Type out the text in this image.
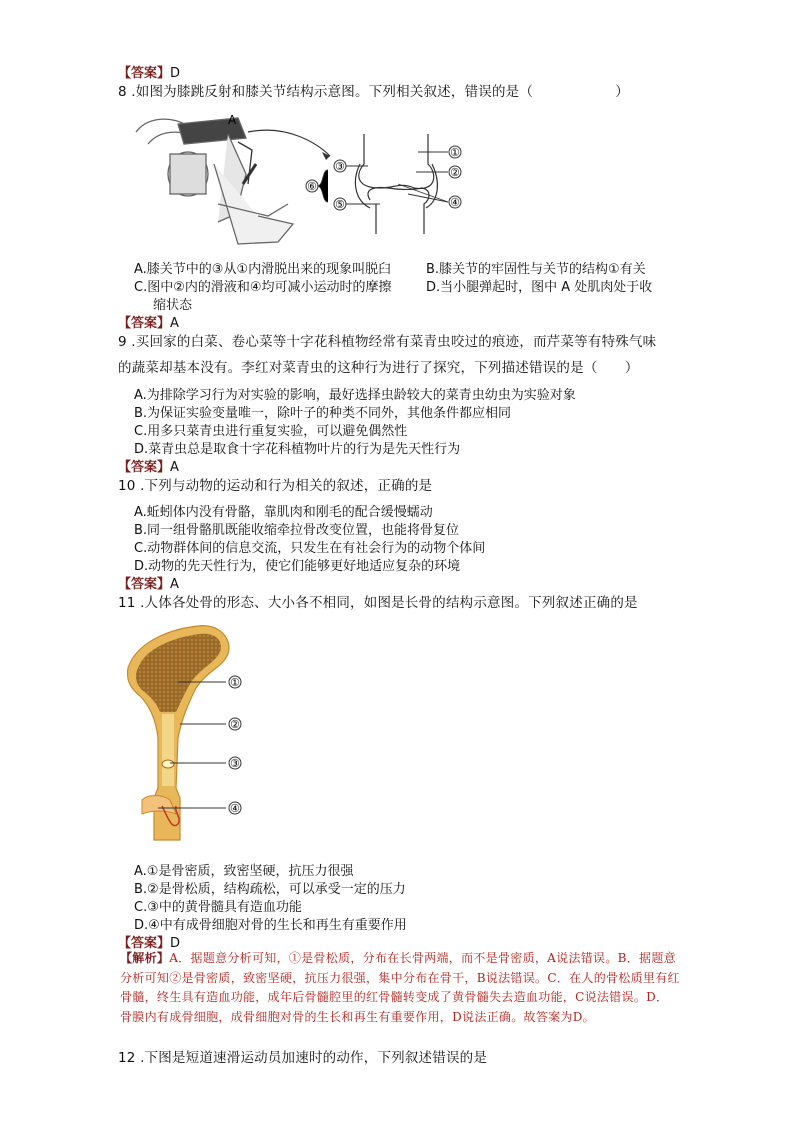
【答案】D
8 .如图为膝跳反射和膝关节结构示意图。下列相关叙述，错误的是（　　　　　　）
A
①
②
③
④
⑤
⑥
A.膝关节中的③从①内滑脱出来的现象叫脱臼	B.膝关节的牢固性与关节的结构①有关
C.图中②内的滑液和④均可减小运动时的摩擦	D.当小腿弹起时，图中 A 处肌肉处于收
缩状态
【答案】A
9 .买回家的白菜、卷心菜等十字花科植物经常有菜青虫咬过的痕迹，而芹菜等有特殊气味
的蔬菜却基本没有。李红对菜青虫的这种行为进行了探究，下列描述错误的是（　　）
A.为排除学习行为对实验的影响，最好选择虫龄较大的菜青虫幼虫为实验对象
B.为保证实验变量唯一，除叶子的种类不同外，其他条件都应相同
C.用多只菜青虫进行重复实验，可以避免偶然性
D.菜青虫总是取食十字花科植物叶片的行为是先天性行为
【答案】A
10 .下列与动物的运动和行为相关的叙述，正确的是
A.蚯蚓体内没有骨骼，靠肌肉和刚毛的配合缓慢蠕动
B.同一组骨骼肌既能收缩牵拉骨改变位置，也能将骨复位
C.动物群体间的信息交流，只发生在有社会行为的动物个体间
D.动物的先天性行为，使它们能够更好地适应复杂的环境
【答案】A
11 .人体各处骨的形态、大小各不相同，如图是长骨的结构示意图。下列叙述正确的是
①
②
③
④
A.①是骨密质，致密坚硬，抗压力很强
B.②是骨松质，结构疏松，可以承受一定的压力
C.③中的黄骨髓具有造血功能
D.④中有成骨细胞对骨的生长和再生有重要作用
【答案】D
【解析】A．据题意分析可知，①是骨松质，分布在长骨两端，而不是骨密质，A说法错误。B．据题意分析可知②是骨密质，致密坚硬，抗压力很强，集中分布在骨干，B说法错误。C．在人的骨松质里有红骨髓，终生具有造血功能，成年后骨髓腔里的红骨髓转变成了黄骨髓失去造血功能，C说法错误。D．骨膜内有成骨细胞，成骨细胞对骨的生长和再生有重要作用，D说法正确。故答案为D。
12 .下图是短道速滑运动员加速时的动作，下列叙述错误的是
